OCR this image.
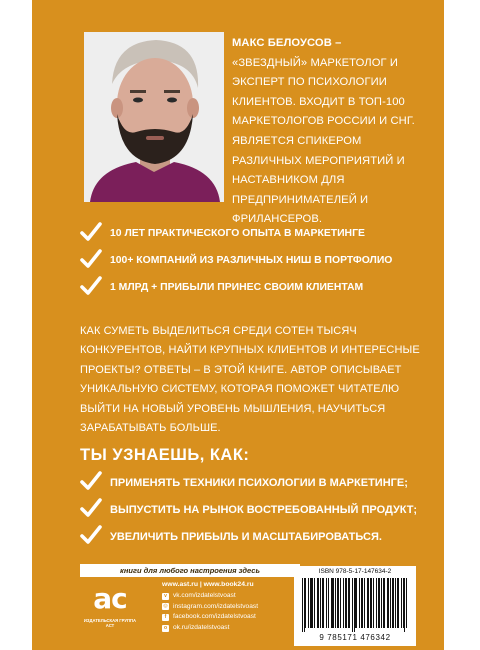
МАКС БЕЛОУСОВ –
«ЗВЕЗДНЫЙ» МАРКЕТОЛОГ И
ЭКСПЕРТ ПО ПСИХОЛОГИИ
КЛИЕНТОВ. ВХОДИТ В ТОП-100
МАРКЕТОЛОГОВ РОССИИ И СНГ.
ЯВЛЯЕТСЯ СПИКЕРОМ
РАЗЛИЧНЫХ МЕРОПРИЯТИЙ И
НАСТАВНИКОМ ДЛЯ
ПРЕДПРИНИМАТЕЛЕЙ И
ФРИЛАНСЕРОВ.
10 ЛЕТ ПРАКТИЧЕСКОГО ОПЫТА В МАРКЕТИНГЕ
100+ КОМПАНИЙ ИЗ РАЗЛИЧНЫХ НИШ В ПОРТФОЛИО
1 МЛРД + ПРИБЫЛИ ПРИНЕС СВОИМ КЛИЕНТАМ
КАК СУМЕТЬ ВЫДЕЛИТЬСЯ СРЕДИ СОТЕН ТЫСЯЧ
КОНКУРЕНТОВ, НАЙТИ КРУПНЫХ КЛИЕНТОВ И ИНТЕРЕСНЫЕ
ПРОЕКТЫ? ОТВЕТЫ – В ЭТОЙ КНИГЕ. АВТОР ОПИСЫВАЕТ
УНИКАЛЬНУЮ СИСТЕМУ, КОТОРАЯ ПОМОЖЕТ ЧИТАТЕЛЮ
ВЫЙТИ НА НОВЫЙ УРОВЕНЬ МЫШЛЕНИЯ, НАУЧИТЬСЯ
ЗАРАБАТЫВАТЬ БОЛЬШЕ.
ТЫ УЗНАЕШЬ, КАК:
ПРИМЕНЯТЬ ТЕХНИКИ ПСИХОЛОГИИ В МАРКЕТИНГЕ;
ВЫПУСТИТЬ НА РЫНОК ВОСТРЕБОВАННЫЙ ПРОДУКТ;
УВЕЛИЧИТЬ ПРИБЫЛЬ И МАСШТАБИРОВАТЬСЯ.
книги для любого настроения здесь
ac
ИЗДАТЕЛЬСКАЯ ГРУППА АСТ
www.ast.ru | www.book24.ru
v vk.com/izdatelstvoast
◎ instagram.com/izdatelstvoast
f	facebook.com/izdatelstvoast
o ok.ru/izdatelstvoast
ISBN 978-5-17-147634-2
9 785171 476342
